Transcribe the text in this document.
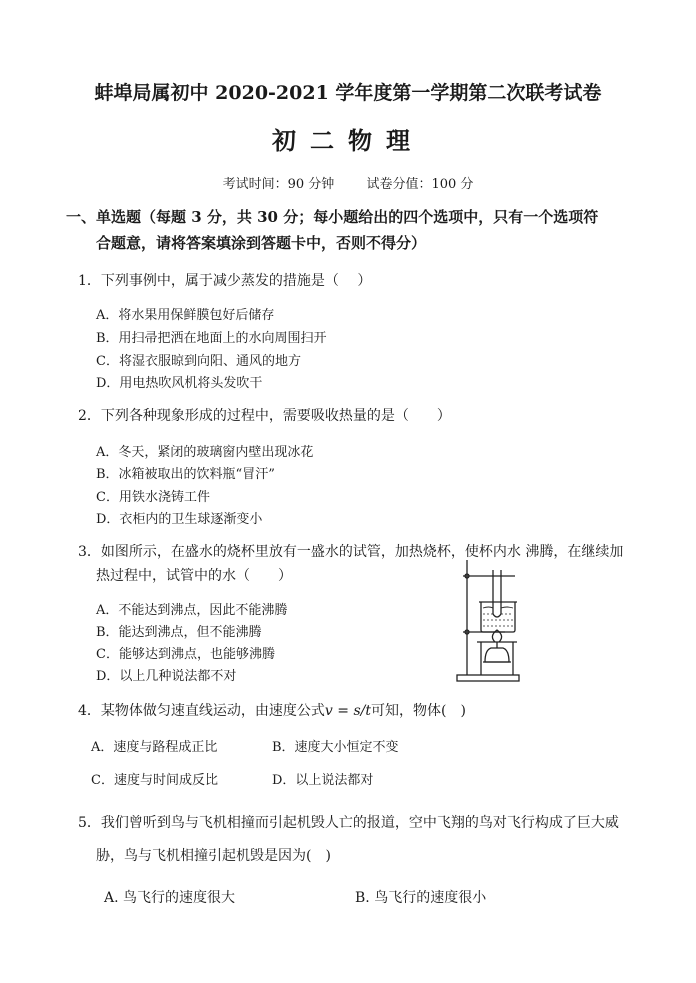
蚌埠局属初中 2020-2021 学年度第一学期第二次联考试卷
初二物理
考试时间：90 分钟 试卷分值：100 分
一、单选题（每题 3 分，共 30 分；每小题给出的四个选项中，只有一个选项符
合题意，请将答案填涂到答题卡中，否则不得分）
1．下列事例中，属于减少蒸发的措施是（　 ）
A．将水果用保鲜膜包好后储存
B．用扫帚把洒在地面上的水向周围扫开
C．将湿衣服晾到向阳、通风的地方
D．用电热吹风机将头发吹干
2．下列各种现象形成的过程中，需要吸收热量的是（　　）
A．冬天，紧闭的玻璃窗内壁出现冰花
B．冰箱被取出的饮料瓶“冒汗”
C．用铁水浇铸工件
D．衣柜内的卫生球逐渐变小
3．如图所示，在盛水的烧杯里放有一盛水的试管，加热烧杯，使杯内水 沸腾，在继续加
热过程中，试管中的水（　　）
A．不能达到沸点，因此不能沸腾
B．能达到沸点，但不能沸腾
C．能够达到沸点，也能够沸腾
D．以上几种说法都不对
4．某物体做匀速直线运动，由速度公式v = s/t可知，物体(　)
A．速度与路程成正比	B．速度大小恒定不变
C．速度与时间成反比	D．以上说法都对
5．我们曾听到鸟与飞机相撞而引起机毁人亡的报道，空中飞翔的鸟对飞行构成了巨大威
胁，鸟与飞机相撞引起机毁是因为(　)
A. 鸟飞行的速度很大	B. 鸟飞行的速度很小
